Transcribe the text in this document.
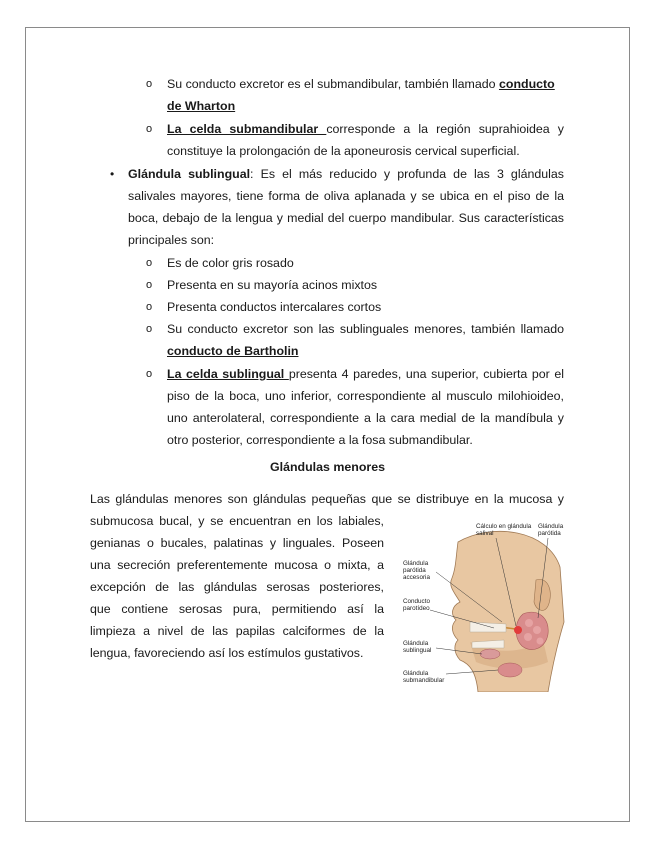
o Su conducto excretor es el submandibular, también llamado conducto
de Wharton
o La celda submandibular corresponde a la región suprahioidea y constituye la prolongación de la aponeurosis cervical superficial.
• Glándula sublingual: Es el más reducido y profunda de las 3 glándulas salivales mayores, tiene forma de oliva aplanada y se ubica en el piso de la boca, debajo de la lengua y medial del cuerpo mandibular. Sus características principales son:
o Es de color gris rosado
o Presenta en su mayoría acinos mixtos
o Presenta conductos intercalares cortos
o Su conducto excretor son las sublinguales menores, también llamado
conducto de Bartholin
o La celda sublingual presenta 4 paredes, una superior, cubierta por el piso de la boca, uno inferior, correspondiente al musculo milohioideo, uno anterolateral, correspondiente a la cara medial de la mandíbula y otro posterior, correspondiente a la fosa submandibular.
Glándulas menores
Las glándulas menores son glándulas pequeñas que se distribuye en la mucosa y
submucosa bucal, y se encuentran en los labiales,
genianas o bucales, palatinas y linguales. Poseen
una secreción preferentemente mucosa o mixta, a
excepción de las glándulas serosas posteriores,
que contiene serosas pura, permitiendo así la
limpieza a nivel de las papilas calciformes de la
lengua, favoreciendo así los estímulos gustativos.
Cálculo en glándula salival
Glándula parótida
Glándula parótida accesoria
Conducto parotídeo
Glándula sublingual
Glándula submandibular
